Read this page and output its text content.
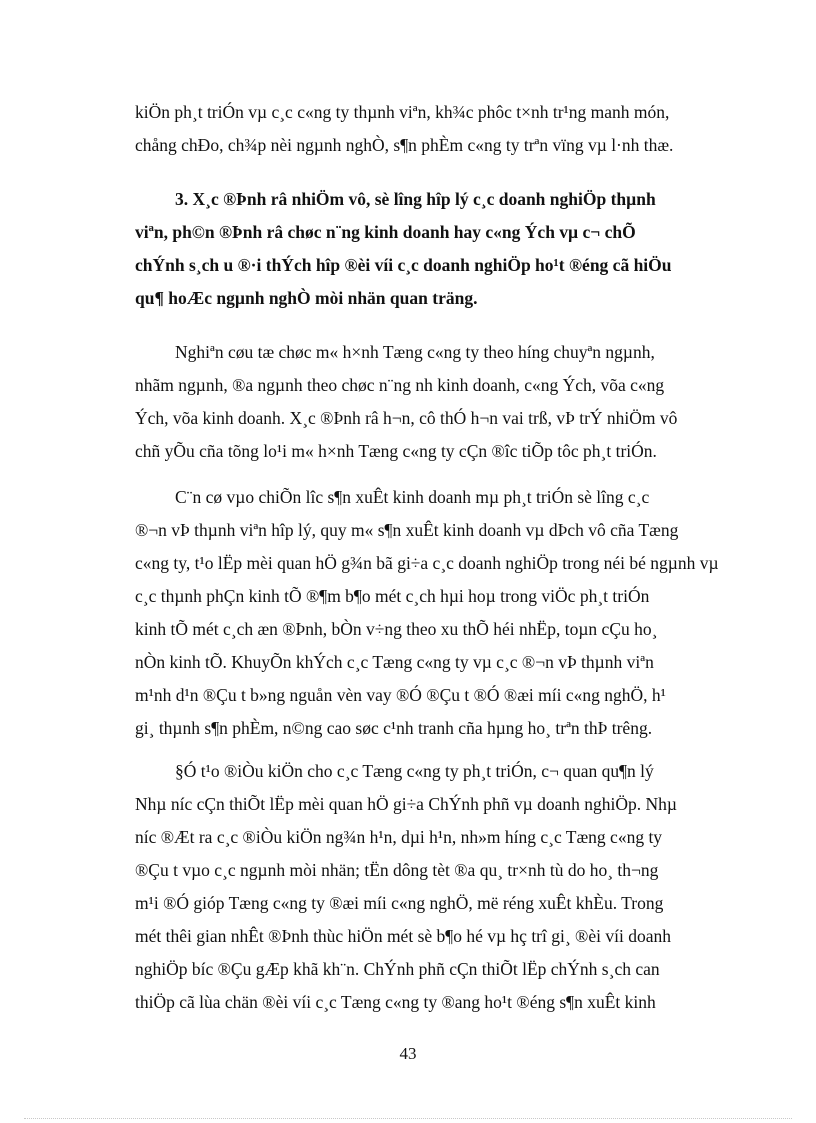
kiÖn ph¸t triÓn vµ c¸c c«ng ty thµnh viªn, kh¾c phôc t×nh tr¹ng manh món,
chång chÐo, ch¾p nèi ngµnh nghÒ, s¶n phÈm c«ng ty trªn vïng vµ l·nh thæ.
3. X¸c ®Þnh râ nhiÖm vô, sè lîng hîp lý c¸c doanh nghiÖp thµnh
viªn, ph©n ®Þnh râ chøc n¨ng kinh doanh hay c«ng Ých vµ c¬ chÕ
chÝnh s¸ch u ®·i thÝch hîp ®èi víi c¸c doanh nghiÖp ho¹t ®éng cã hiÖu
qu¶ hoÆc ngµnh nghÒ mòi nhän quan träng.
Nghiªn cøu tæ chøc m« h×nh Tæng c«ng ty theo híng chuyªn ngµnh,
nhãm ngµnh, ®a ngµnh theo chøc n¨ng nh kinh doanh, c«ng Ých, võa c«ng
Ých, võa kinh doanh. X¸c ®Þnh râ h¬n, cô thÓ h¬n vai trß, vÞ trÝ nhiÖm vô
chñ yÕu cña tõng lo¹i m« h×nh Tæng c«ng ty cÇn ®îc tiÕp tôc ph¸t triÓn.
C¨n cø vµo chiÕn lîc s¶n xuÊt kinh doanh mµ ph¸t triÓn sè lîng c¸c
®¬n vÞ thµnh viªn hîp lý, quy m« s¶n xuÊt kinh doanh vµ dÞch vô cña Tæng
c«ng ty, t¹o lËp mèi quan hÖ g¾n bã gi÷a c¸c doanh nghiÖp trong néi bé ngµnh vµ
c¸c thµnh phÇn kinh tÕ ®¶m b¶o mét c¸ch hµi hoµ trong viÖc ph¸t triÓn
kinh tÕ mét c¸ch æn ®Þnh, bÒn v÷ng theo xu thÕ héi nhËp, toµn cÇu ho¸
nÒn kinh tÕ. KhuyÕn khÝch c¸c Tæng c«ng ty vµ c¸c ®¬n vÞ thµnh viªn
m¹nh d¹n ®Çu t b»ng nguån vèn vay ®Ó ®Çu t ®Ó ®æi míi c«ng nghÖ, h¹
gi¸ thµnh s¶n phÈm, n©ng cao søc c¹nh tranh cña hµng ho¸ trªn thÞ trêng.
§Ó t¹o ®iÒu kiÖn cho c¸c Tæng c«ng ty ph¸t triÓn, c¬ quan qu¶n lý
Nhµ níc cÇn thiÕt lËp mèi quan hÖ gi÷a ChÝnh phñ vµ doanh nghiÖp. Nhµ
níc ®Æt ra c¸c ®iÒu kiÖn ng¾n h¹n, dµi h¹n, nh»m híng c¸c Tæng c«ng ty
®Çu t vµo c¸c ngµnh mòi nhän; tËn dông tèt ®a qu¸ tr×nh tù do ho¸ th¬ng
m¹i ®Ó gióp Tæng c«ng ty ®æi míi c«ng nghÖ, më réng xuÊt khÈu. Trong
mét thêi gian nhÊt ®Þnh thùc hiÖn mét sè b¶o hé vµ hç trî gi¸ ®èi víi doanh
nghiÖp bíc ®Çu gÆp khã kh¨n. ChÝnh phñ cÇn thiÕt lËp chÝnh s¸ch can
thiÖp cã lùa chän ®èi víi c¸c Tæng c«ng ty ®ang ho¹t ®éng s¶n xuÊt kinh
43
